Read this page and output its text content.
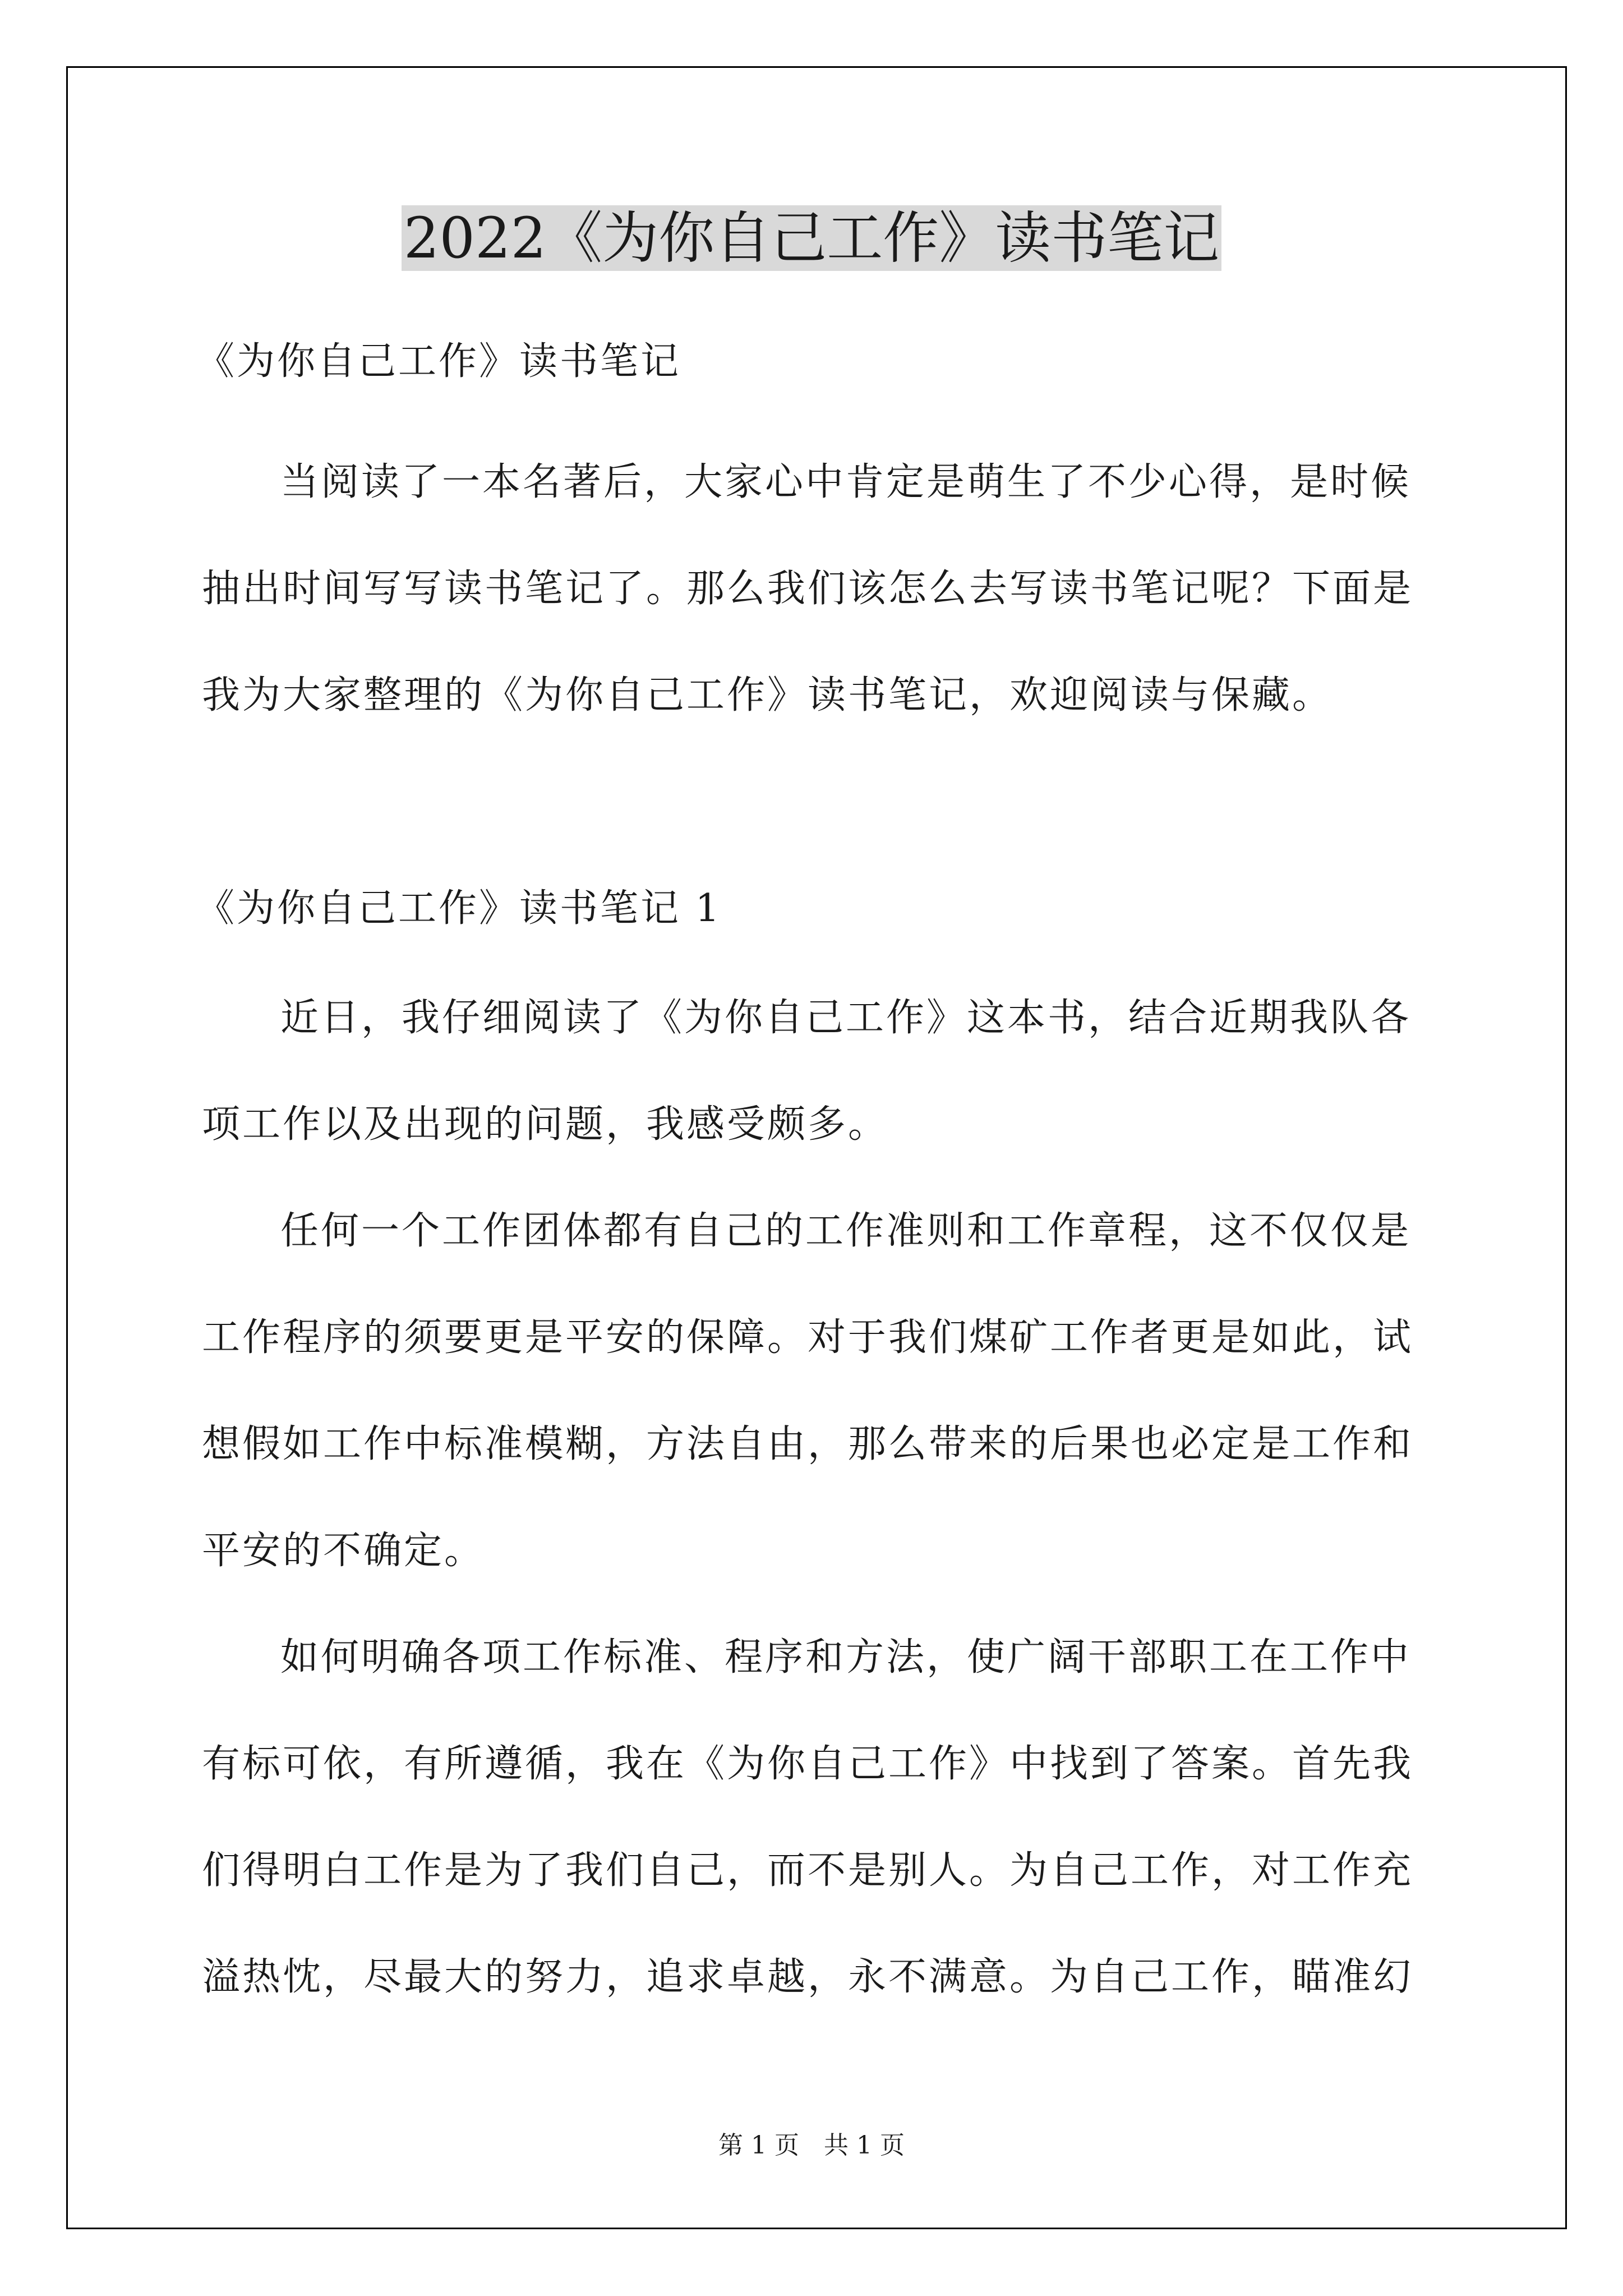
2022《为你自己工作》读书笔记
《为你自己工作》读书笔记
当阅读了一本名著后，大家心中肯定是萌生了不少心得，是时候
抽出时间写写读书笔记了。那么我们该怎么去写读书笔记呢？下面是
我为大家整理的《为你自己工作》读书笔记，欢迎阅读与保藏。
《为你自己工作》读书笔记 1
近日，我仔细阅读了《为你自己工作》这本书，结合近期我队各
项工作以及出现的问题，我感受颇多。
任何一个工作团体都有自己的工作准则和工作章程，这不仅仅是
工作程序的须要更是平安的保障。对于我们煤矿工作者更是如此，试
想假如工作中标准模糊，方法自由，那么带来的后果也必定是工作和
平安的不确定。
如何明确各项工作标准、程序和方法，使广阔干部职工在工作中
有标可依，有所遵循，我在《为你自己工作》中找到了答案。首先我
们得明白工作是为了我们自己，而不是别人。为自己工作，对工作充
溢热忱，尽最大的努力，追求卓越，永不满意。为自己工作，瞄准幻
第 1 页　共 1 页
